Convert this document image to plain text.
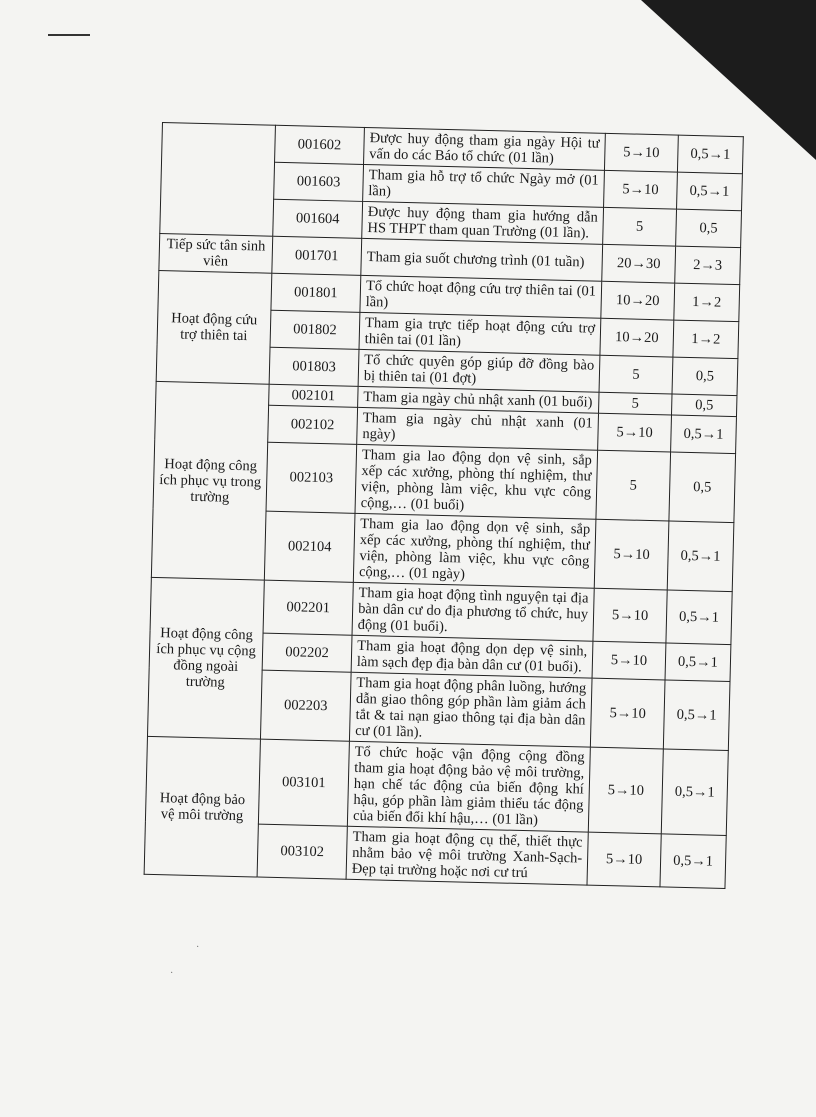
	001602	Được huy động tham gia ngày Hội tư vấn do các Báo tổ chức (01 lần)	5→10	0,5→1
	001603	Tham gia hỗ trợ tổ chức Ngày mở (01 lần)	5→10	0,5→1
	001604	Được huy động tham gia hướng dẫn HS THPT tham quan Trường (01 lần).	5	0,5
Tiếp sức tân sinh viên	001701	Tham gia suốt chương trình (01 tuần)	20→30	2→3
Hoạt động cứu trợ thiên tai	001801	Tổ chức hoạt động cứu trợ thiên tai (01 lần)	10→20	1→2
	001802	Tham gia trực tiếp hoạt động cứu trợ thiên tai (01 lần)	10→20	1→2
	001803	Tổ chức quyên góp giúp đỡ đồng bào bị thiên tai (01 đợt)	5	0,5
Hoạt động công ích phục vụ trong trường	002101	Tham gia ngày chủ nhật xanh (01 buổi)	5	0,5
	002102	Tham gia ngày chủ nhật xanh (01 ngày)	5→10	0,5→1
	002103	Tham gia lao động dọn vệ sinh, sắp xếp các xưởng, phòng thí nghiệm, thư viện, phòng làm việc, khu vực công cộng,… (01 buổi)	5	0,5
	002104	Tham gia lao động dọn vệ sinh, sắp xếp các xưởng, phòng thí nghiệm, thư viện, phòng làm việc, khu vực công cộng,… (01 ngày)	5→10	0,5→1
Hoạt động công ích phục vụ cộng đồng ngoài trường	002201	Tham gia hoạt động tình nguyện tại địa bàn dân cư do địa phương tổ chức, huy động (01 buổi).	5→10	0,5→1
	002202	Tham gia hoạt động dọn dẹp vệ sinh, làm sạch đẹp địa bàn dân cư (01 buổi).	5→10	0,5→1
	002203	Tham gia hoạt động phân luồng, hướng dẫn giao thông góp phần làm giảm ách tắt & tai nạn giao thông tại địa bàn dân cư (01 lần).	5→10	0,5→1
Hoạt động bảo vệ môi trường	003101	Tổ chức hoặc vận động cộng đồng tham gia hoạt động bảo vệ môi trường, hạn chế tác động của biến động khí hậu, góp phần làm giảm thiểu tác động của biến đổi khí hậu,… (01 lần)	5→10	0,5→1
	003102	Tham gia hoạt động cụ thể, thiết thực nhằm bảo vệ môi trường Xanh-Sạch-Đẹp tại trường hoặc nơi cư trú	5→10	0,5→1
·
·
